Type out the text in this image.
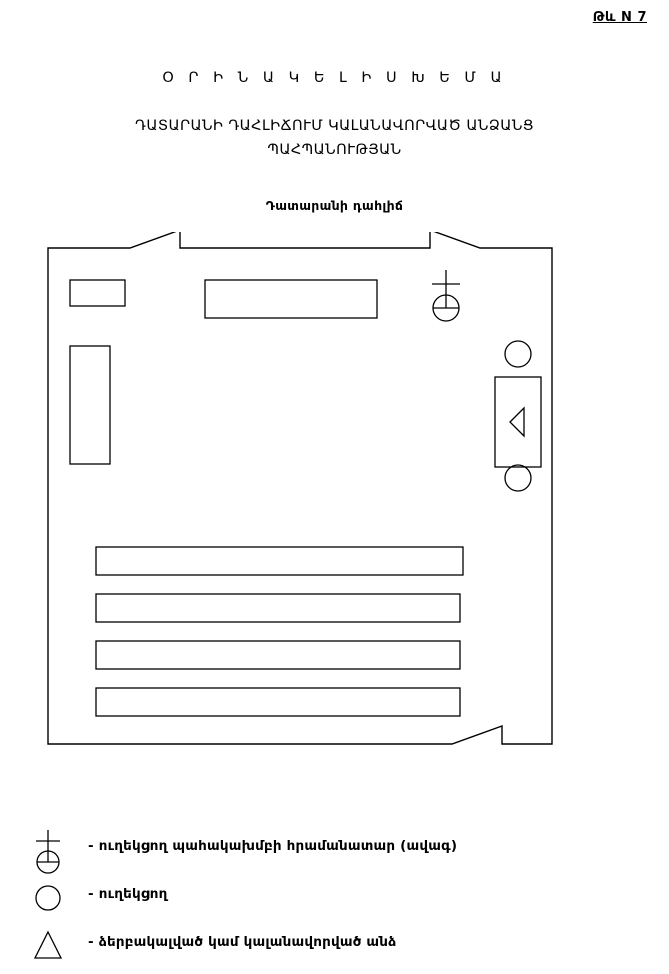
Թև N 7
Օ Ր Ի Ն Ա Կ Ե Լ Ի Ս Խ Ե Մ Ա
ԴԱՏԱՐԱՆԻ ԴԱՀԼԻՃՈՒՄ ԿԱԼԱՆԱՎՈՐՎԱԾ ԱՆՁԱՆՑ
ՊԱՀՊԱՆՈՒԹՅԱՆ
Դատարանի դահլիճ
- ուղեկցող պահակախմբի հրամանատար (ավագ)
- ուղեկցող
- ձերբակալված կամ կալանավորված անձ
